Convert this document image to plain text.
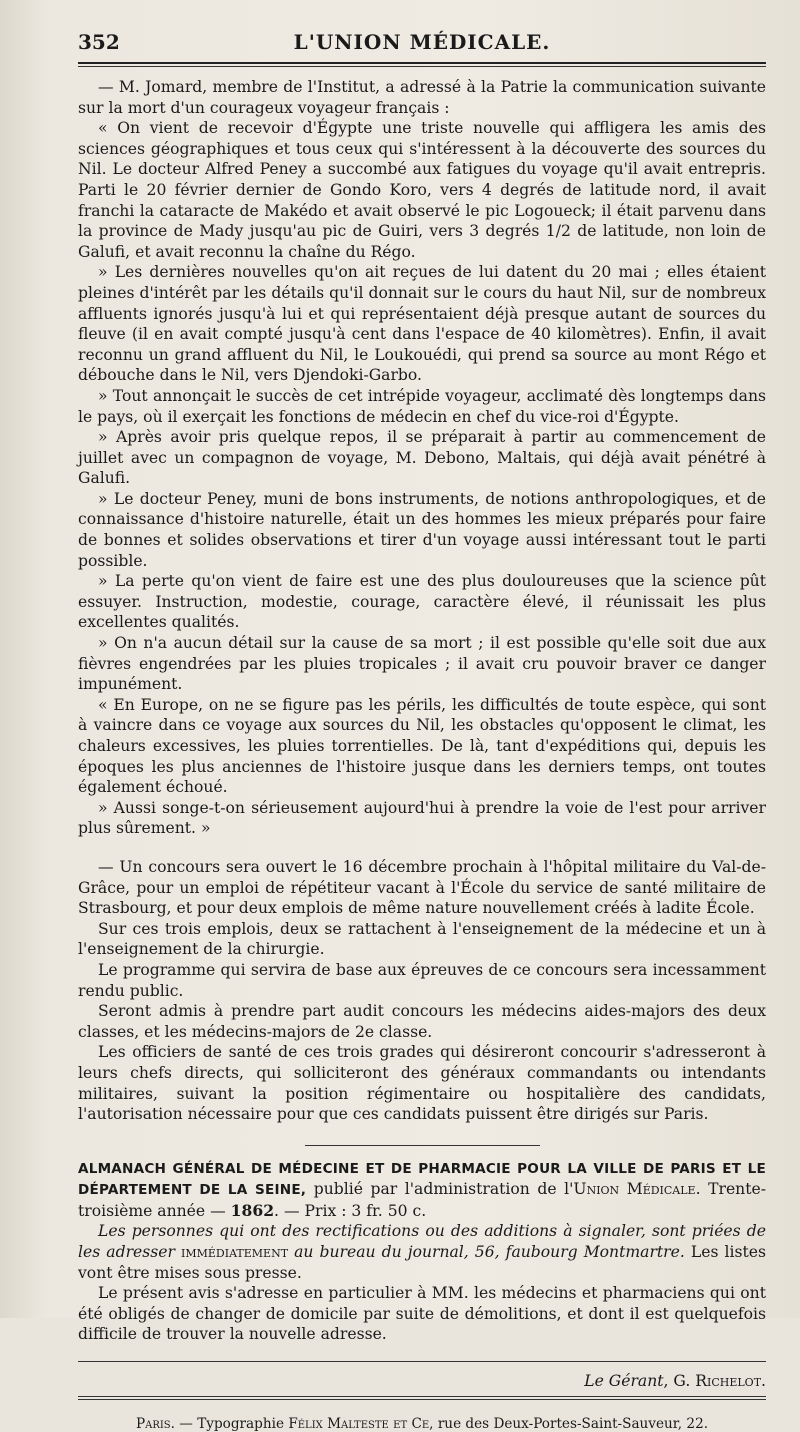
352	L'UNION MÉDICALE.

— M. Jomard, membre de l'Institut, a adressé à la Patrie la communication suivante sur la mort d'un courageux voyageur français :

« On vient de recevoir d'Égypte une triste nouvelle qui affligera les amis des sciences géographiques et tous ceux qui s'intéressent à la découverte des sources du Nil. Le docteur Alfred Peney a succombé aux fatigues du voyage qu'il avait entrepris. Parti le 20 février dernier de Gondo Koro, vers 4 degrés de latitude nord, il avait franchi la cataracte de Makédo et avait observé le pic Logoueck; il était parvenu dans la province de Mady jusqu'au pic de Guiri, vers 3 degrés 1/2 de latitude, non loin de Galufi, et avait reconnu la chaîne du Régo.

» Les dernières nouvelles qu'on ait reçues de lui datent du 20 mai ; elles étaient pleines d'intérêt par les détails qu'il donnait sur le cours du haut Nil, sur de nombreux affluents ignorés jusqu'à lui et qui représentaient déjà presque autant de sources du fleuve (il en avait compté jusqu'à cent dans l'espace de 40 kilomètres). Enfin, il avait reconnu un grand affluent du Nil, le Loukouédi, qui prend sa source au mont Régo et débouche dans le Nil, vers Djendoki-Garbo.

» Tout annonçait le succès de cet intrépide voyageur, acclimaté dès longtemps dans le pays, où il exerçait les fonctions de médecin en chef du vice-roi d'Égypte.

» Après avoir pris quelque repos, il se préparait à partir au commencement de juillet avec un compagnon de voyage, M. Debono, Maltais, qui déjà avait pénétré à Galufi.

» Le docteur Peney, muni de bons instruments, de notions anthropologiques, et de connaissance d'histoire naturelle, était un des hommes les mieux préparés pour faire de bonnes et solides observations et tirer d'un voyage aussi intéressant tout le parti possible.

» La perte qu'on vient de faire est une des plus douloureuses que la science pût essuyer. Instruction, modestie, courage, caractère élevé, il réunissait les plus excellentes qualités.

» On n'a aucun détail sur la cause de sa mort ; il est possible qu'elle soit due aux fièvres engendrées par les pluies tropicales ; il avait cru pouvoir braver ce danger impunément.

« En Europe, on ne se figure pas les périls, les difficultés de toute espèce, qui sont à vaincre dans ce voyage aux sources du Nil, les obstacles qu'opposent le climat, les chaleurs excessives, les pluies torrentielles. De là, tant d'expéditions qui, depuis les époques les plus anciennes de l'histoire jusque dans les derniers temps, ont toutes également échoué.

» Aussi songe-t-on sérieusement aujourd'hui à prendre la voie de l'est pour arriver plus sûrement. »

— Un concours sera ouvert le 16 décembre prochain à l'hôpital militaire du Val-de-Grâce, pour un emploi de répétiteur vacant à l'École du service de santé militaire de Strasbourg, et pour deux emplois de même nature nouvellement créés à ladite École.

Sur ces trois emplois, deux se rattachent à l'enseignement de la médecine et un à l'enseignement de la chirurgie.

Le programme qui servira de base aux épreuves de ce concours sera incessamment rendu public.

Seront admis à prendre part audit concours les médecins aides-majors des deux classes, et les médecins-majors de 2e classe.

Les officiers de santé de ces trois grades qui désireront concourir s'adresseront à leurs chefs directs, qui solliciteront des généraux commandants ou intendants militaires, suivant la position régimentaire ou hospitalière des candidats, l'autorisation nécessaire pour que ces candidats puissent être dirigés sur Paris.

ALMANACH GÉNÉRAL DE MÉDECINE ET DE PHARMACIE POUR LA VILLE DE PARIS ET LE DÉPARTEMENT DE LA SEINE, publié par l'administration de l'Union Médicale. Trente-troisième année — 1862. — Prix : 3 fr. 50 c.

Les personnes qui ont des rectifications ou des additions à signaler, sont priées de les adresser immédiatement au bureau du journal, 56, faubourg Montmartre. Les listes vont être mises sous presse.

Le présent avis s'adresse en particulier à MM. les médecins et pharmaciens qui ont été obligés de changer de domicile par suite de démolitions, et dont il est quelquefois difficile de trouver la nouvelle adresse.

Le Gérant, G. Richelot.
Paris. — Typographie Félix Malteste et Ce, rue des Deux-Portes-Saint-Sauveur, 22.
